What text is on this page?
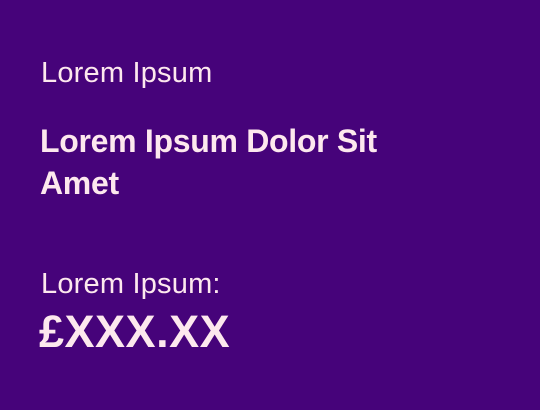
Lorem Ipsum
Lorem Ipsum Dolor Sit Amet
Lorem Ipsum:
£XXX.XX
